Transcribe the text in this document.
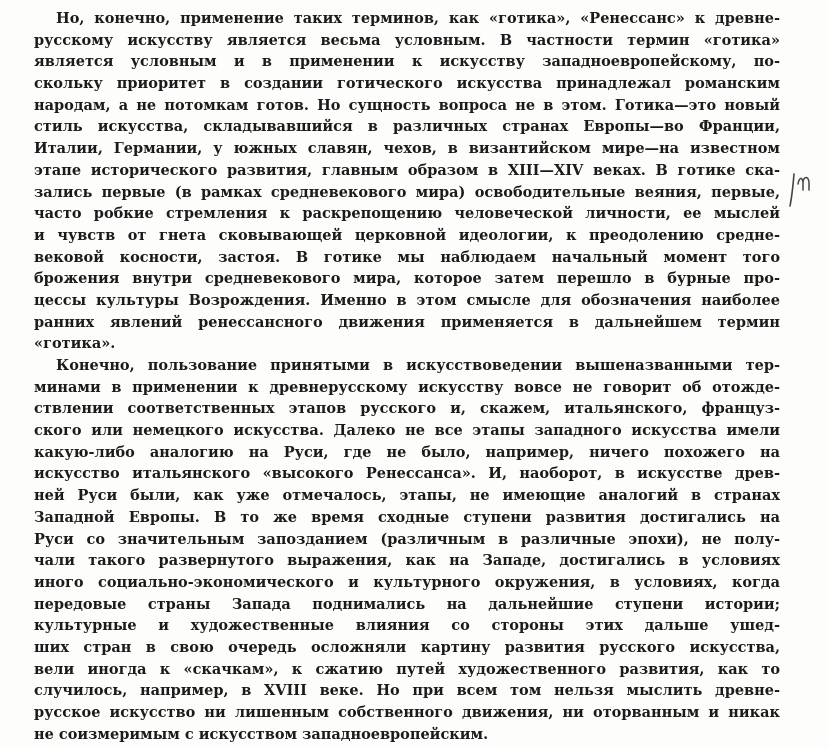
Но, конечно, применение таких терминов, как «готика», «Ренессанс» к древне-
русскому искусству является весьма условным. В частности термин «готика»
является условным и в применении к искусству западноевропейскому, по-
скольку приоритет в создании готического искусства принадлежал романским
народам, а не потомкам готов. Но сущность вопроса не в этом. Готика—это новый
стиль искусства, складывавшийся в различных странах Европы—во Франции,
Италии, Германии, у южных славян, чехов, в византийском мире—на известном
этапе исторического развития, главным образом в XIII—XIV веках. В готике ска-
зались первые (в рамках средневекового мира) освободительные веяния, первые,
часто робкие стремления к раскрепощению человеческой личности, ее мыслей
и чувств от гнета сковывающей церковной идеологии, к преодолению средне-
вековой косности, застоя. В готике мы наблюдаем начальный момент того
брожения внутри средневекового мира, которое затем перешло в бурные про-
цессы культуры Возрождения. Именно в этом смысле для обозначения наиболее
ранних явлений ренессансного движения применяется в дальнейшем термин
«готика».
Конечно, пользование принятыми в искусствоведении вышеназванными тер-
минами в применении к древнерусскому искусству вовсе не говорит об отожде-
ствлении соответственных этапов русского и, скажем, итальянского, француз-
ского или немецкого искусства. Далеко не все этапы западного искусства имели
какую-либо аналогию на Руси, где не было, например, ничего похожего на
искусство итальянского «высокого Ренессанса». И, наоборот, в искусстве древ-
ней Руси были, как уже отмечалось, этапы, не имеющие аналогий в странах
Западной Европы. В то же время сходные ступени развития достигались на
Руси со значительным запозданием (различным в различные эпохи), не полу-
чали такого развернутого выражения, как на Западе, достигались в условиях
иного социально-экономического и культурного окружения, в условиях, когда
передовые страны Запада поднимались на дальнейшие ступени истории;
культурные и художественные влияния со стороны этих дальше ушед-
ших стран в свою очередь осложняли картину развития русского искусства,
вели иногда к «скачкам», к сжатию путей художественного развития, как то
случилось, например, в XVIII веке. Но при всем том нельзя мыслить древне-
русское искусство ни лишенным собственного движения, ни оторванным и никак
не соизмеримым с искусством западноевропейским.
